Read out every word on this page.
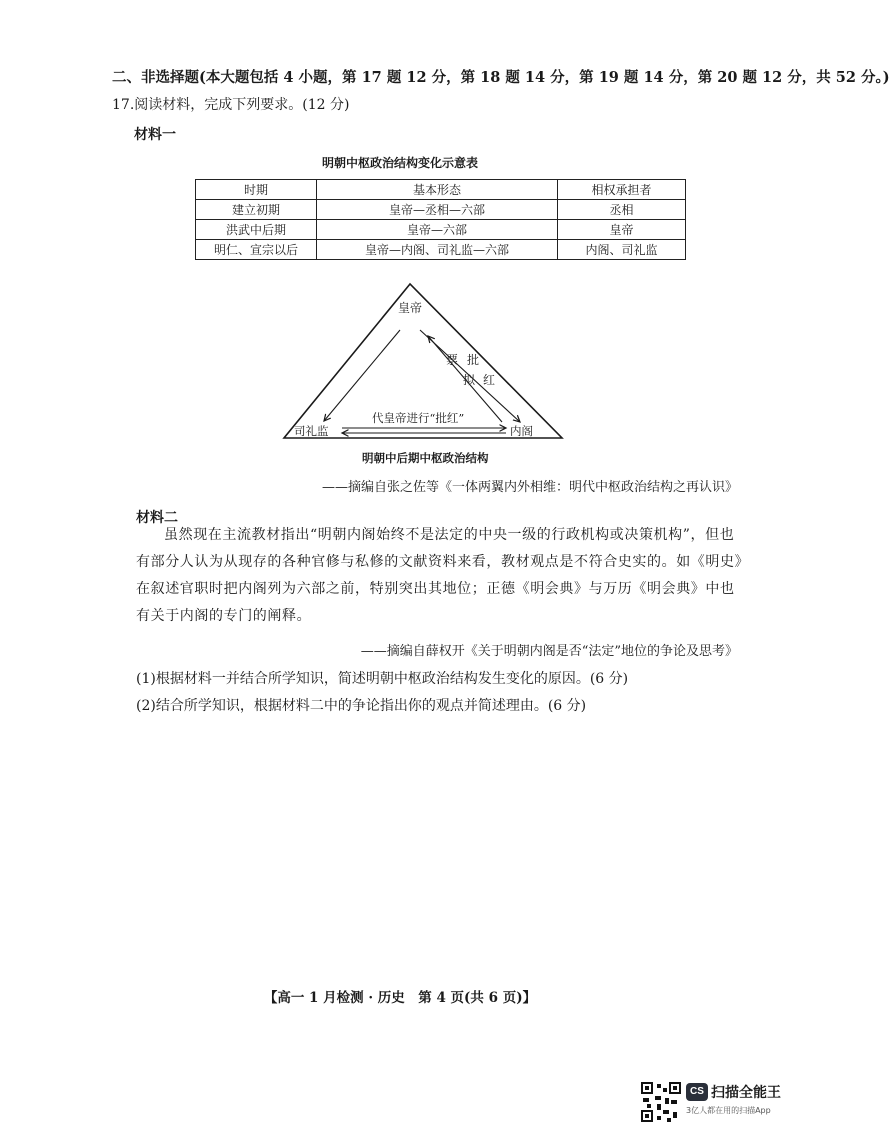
二、非选择题(本大题包括 4 小题，第 17 题 12 分，第 18 题 14 分，第 19 题 14 分，第 20 题 12 分，共 52 分。)
17.阅读材料，完成下列要求。(12 分)
材料一
明朝中枢政治结构变化示意表
时期	基本形态	相权承担者
建立初期	皇帝—丞相—六部	丞相
洪武中后期	皇帝—六部	皇帝
明仁、宣宗以后	皇帝—内阁、司礼监—六部	内阁、司礼监
皇帝
司礼监	内阁
票
拟
批
红
代皇帝进行“批红”
明朝中后期中枢政治结构
——摘编自张之佐等《一体两翼内外相维：明代中枢政治结构之再认识》
材料二
虽然现在主流教材指出“明朝内阁始终不是法定的中央一级的行政机构或决策机构”，但也有部分人认为从现存的各种官修与私修的文献资料来看，教材观点是不符合史实的。如《明史》在叙述官职时把内阁列为六部之前，特别突出其地位；正德《明会典》与万历《明会典》中也有关于内阁的专门的阐释。
——摘编自薛权开《关于明朝内阁是否“法定”地位的争论及思考》
(1)根据材料一并结合所学知识，简述明朝中枢政治结构发生变化的原因。(6 分)
(2)结合所学知识，根据材料二中的争论指出你的观点并简述理由。(6 分)
【高一 1 月检测 · 历史　第 4 页(共 6 页)】
CS 扫描全能王
3亿人都在用的扫描App
